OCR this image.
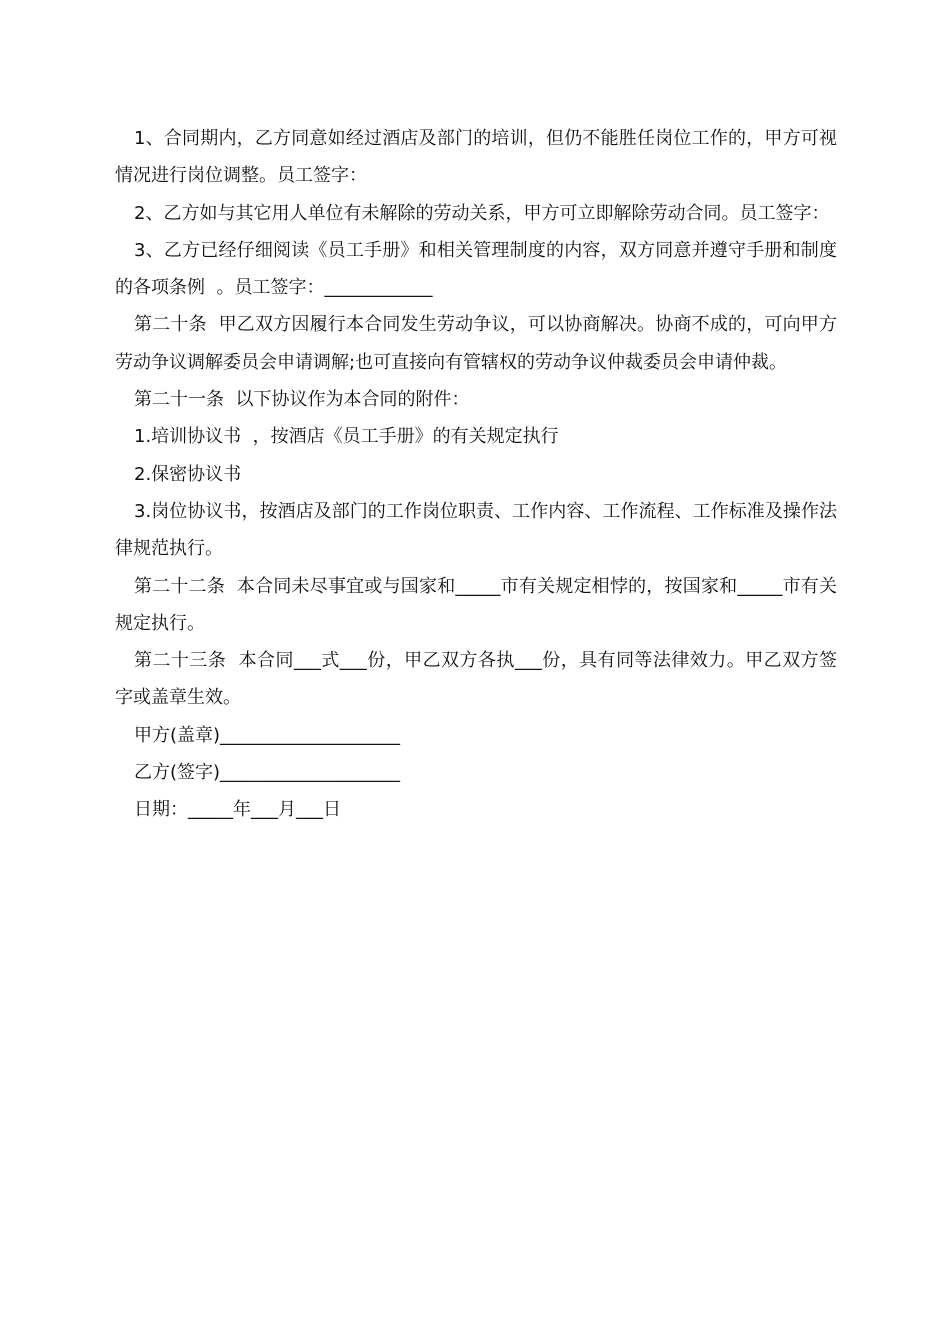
1、合同期内，乙方同意如经过酒店及部门的培训，但仍不能胜任岗位工作的，甲方可视情况进行岗位调整。员工签字：

2、乙方如与其它用人单位有未解除的劳动关系，甲方可立即解除劳动合同。员工签字：

3、乙方已经仔细阅读《员工手册》和相关管理制度的内容，双方同意并遵守手册和制度的各项条例  。员工签字：____________

第二十条  甲乙双方因履行本合同发生劳动争议，可以协商解决。协商不成的，可向甲方劳动争议调解委员会申请调解;也可直接向有管辖权的劳动争议仲裁委员会申请仲裁。

第二十一条  以下协议作为本合同的附件：

1.培训协议书  ，按酒店《员工手册》的有关规定执行

2.保密协议书

3.岗位协议书，按酒店及部门的工作岗位职责、工作内容、工作流程、工作标准及操作法律规范执行。

第二十二条  本合同未尽事宜或与国家和_____市有关规定相悖的，按国家和_____市有关规定执行。

第二十三条  本合同___式___份，甲乙双方各执___份，具有同等法律效力。甲乙双方签字或盖章生效。

甲方(盖章)____________________

乙方(签字)____________________

日期：_____年___月___日
